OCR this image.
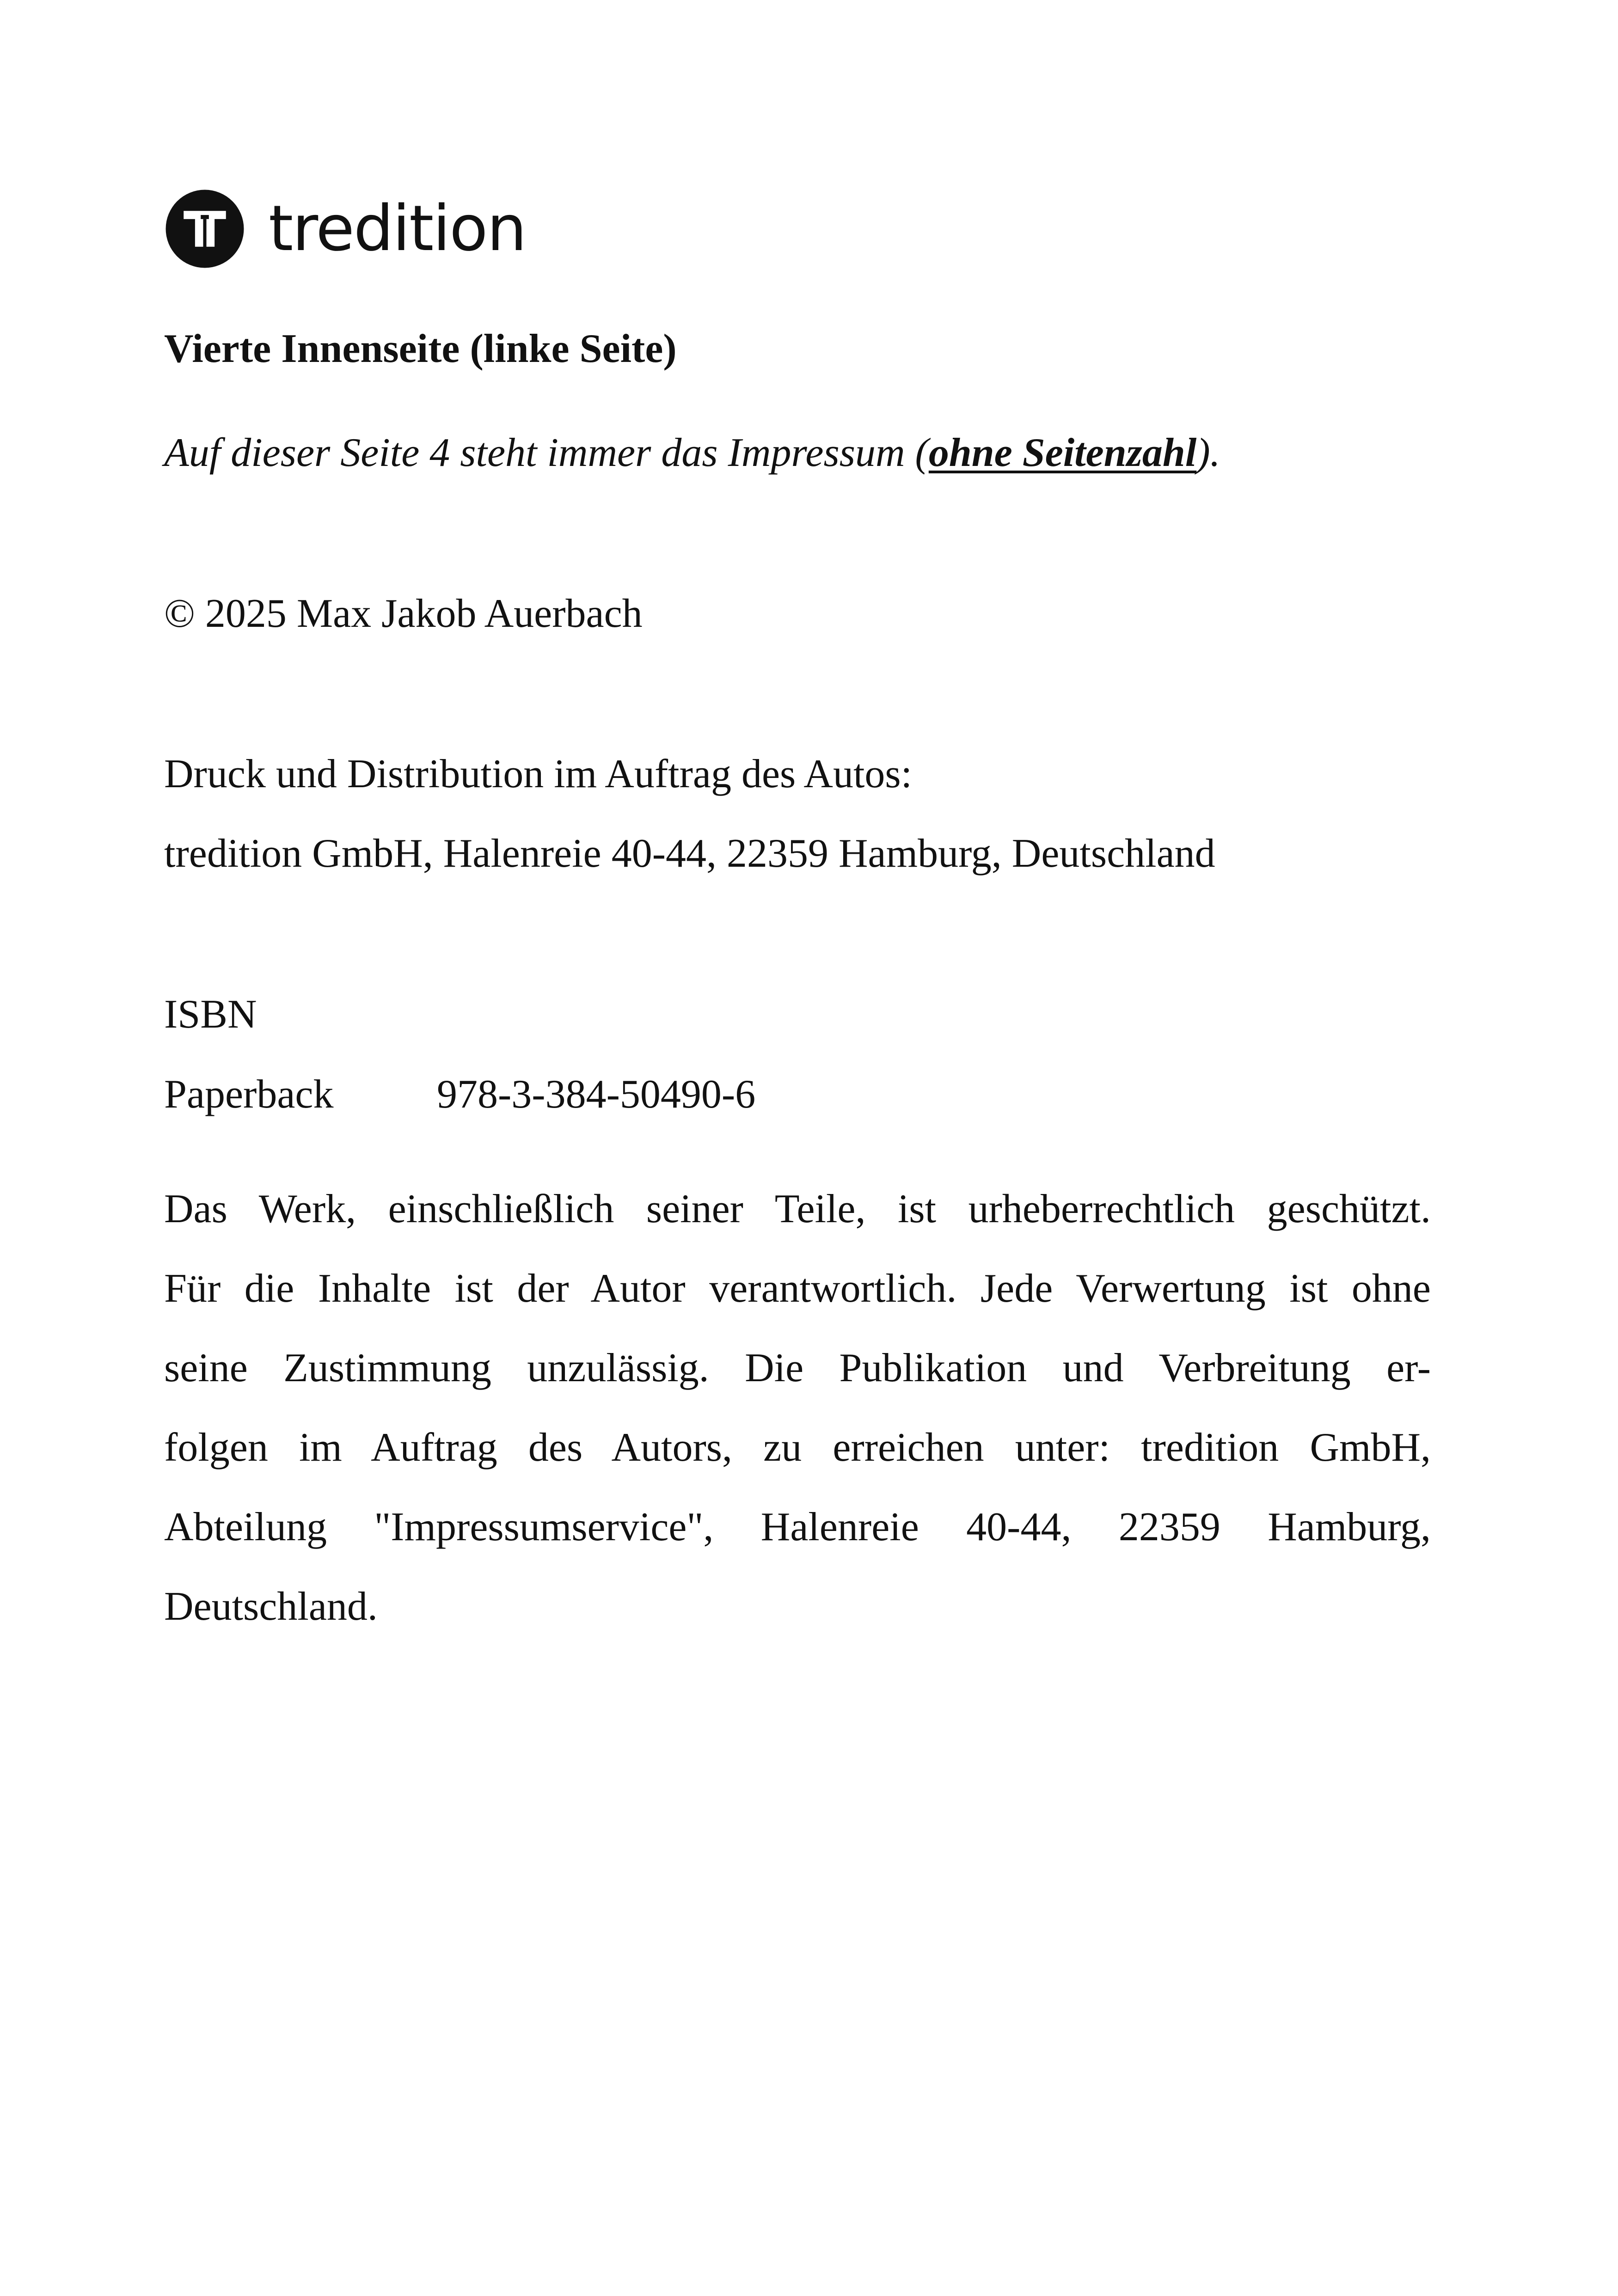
tredition

Vierte Innenseite (linke Seite)

Auf dieser Seite 4 steht immer das Impressum (ohne Seitenzahl).

© 2025 Max Jakob Auerbach

Druck und Distribution im Auftrag des Autos:

tredition GmbH, Halenreie 40-44, 22359 Hamburg, Deutschland

ISBN

Paperback	978-3-384-50490-6

Das Werk, einschließlich seiner Teile, ist urheberrechtlich geschützt.
Für die Inhalte ist der Autor verantwortlich. Jede Verwertung ist ohne
seine Zustimmung unzulässig. Die Publikation und Verbreitung er-
folgen im Auftrag des Autors, zu erreichen unter: tredition GmbH,
Abteilung "Impressumservice", Halenreie 40-44, 22359 Hamburg,
Deutschland.
